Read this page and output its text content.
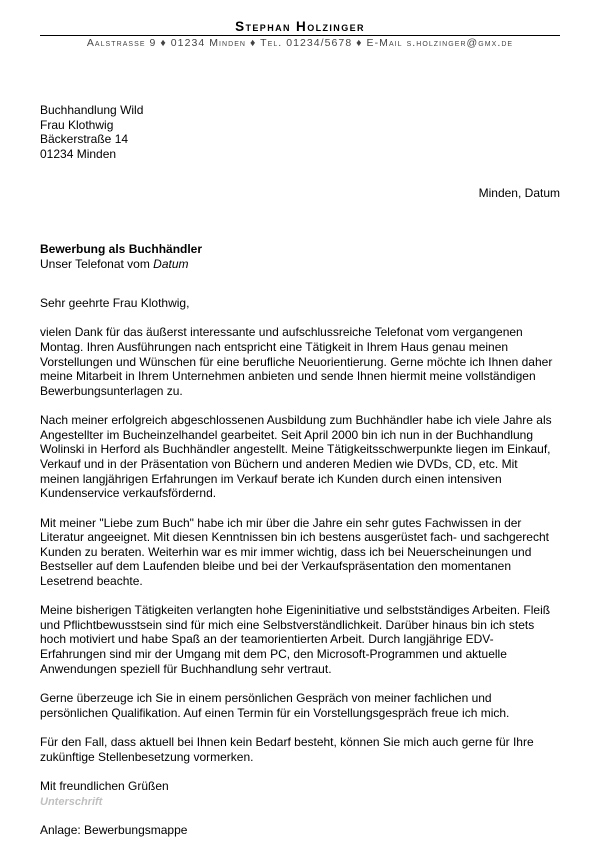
Stephan Holzinger
Aalstrasse 9 ♦ 01234 Minden ♦ Tel. 01234/5678 ♦ E-Mail s.holzinger@gmx.de
Buchhandlung Wild
Frau Klothwig
Bäckerstraße 14
01234 Minden
Minden, Datum
Bewerbung als Buchhändler
Unser Telefonat vom Datum
Sehr geehrte Frau Klothwig,
vielen Dank für das äußerst interessante und aufschlussreiche Telefonat vom vergangenen
Montag. Ihren Ausführungen nach entspricht eine Tätigkeit in Ihrem Haus genau meinen
Vorstellungen und Wünschen für eine berufliche Neuorientierung. Gerne möchte ich Ihnen daher
meine Mitarbeit in Ihrem Unternehmen anbieten und sende Ihnen hiermit meine vollständigen
Bewerbungsunterlagen zu.
Nach meiner erfolgreich abgeschlossenen Ausbildung zum Buchhändler habe ich viele Jahre als
Angestellter im Bucheinzelhandel gearbeitet. Seit April 2000 bin ich nun in der Buchhandlung
Wolinski in Herford als Buchhändler angestellt. Meine Tätigkeitsschwerpunkte liegen im Einkauf,
Verkauf und in der Präsentation von Büchern und anderen Medien wie DVDs, CD, etc. Mit
meinen langjährigen Erfahrungen im Verkauf berate ich Kunden durch einen intensiven
Kundenservice verkaufsfördernd.
Mit meiner "Liebe zum Buch" habe ich mir über die Jahre ein sehr gutes Fachwissen in der
Literatur angeeignet. Mit diesen Kenntnissen bin ich bestens ausgerüstet fach- und sachgerecht
Kunden zu beraten. Weiterhin war es mir immer wichtig, dass ich bei Neuerscheinungen und
Bestseller auf dem Laufenden bleibe und bei der Verkaufspräsentation den momentanen
Lesetrend beachte.
Meine bisherigen Tätigkeiten verlangten hohe Eigeninitiative und selbstständiges Arbeiten. Fleiß
und Pflichtbewusstsein sind für mich eine Selbstverständlichkeit. Darüber hinaus bin ich stets
hoch motiviert und habe Spaß an der teamorientierten Arbeit. Durch langjährige EDV-
Erfahrungen sind mir der Umgang mit dem PC, den Microsoft-Programmen und aktuelle
Anwendungen speziell für Buchhandlung sehr vertraut.
Gerne überzeuge ich Sie in einem persönlichen Gespräch von meiner fachlichen und
persönlichen Qualifikation. Auf einen Termin für ein Vorstellungsgespräch freue ich mich.
Für den Fall, dass aktuell bei Ihnen kein Bedarf besteht, können Sie mich auch gerne für Ihre
zukünftige Stellenbesetzung vormerken.
Mit freundlichen Grüßen
Unterschrift
Anlage: Bewerbungsmappe
